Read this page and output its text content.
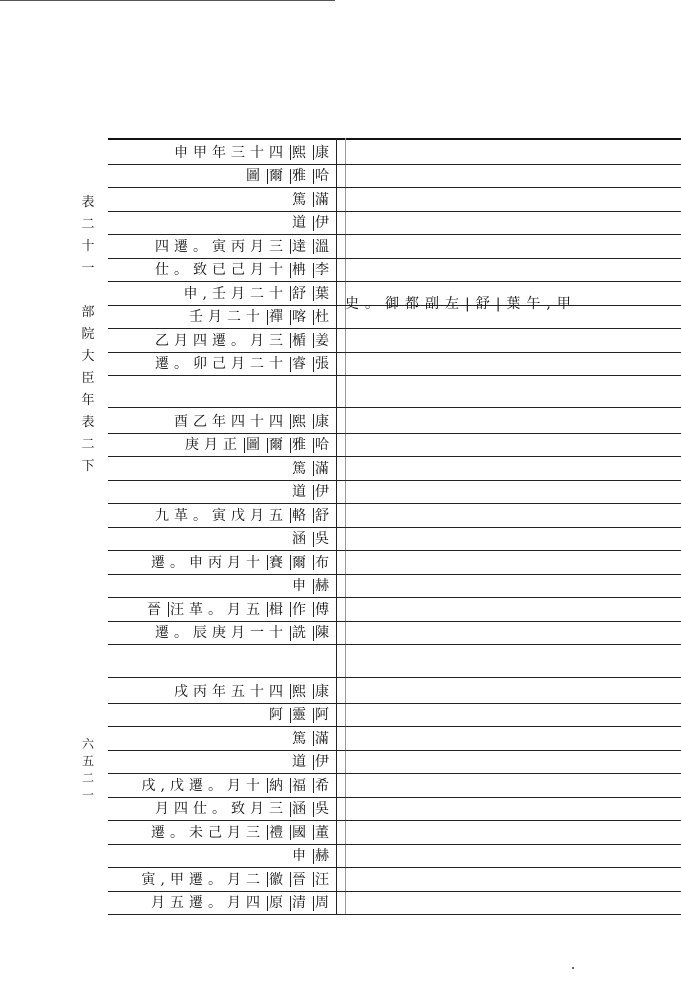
表
二
十
一
部
院
大
臣
年
表
二
下
六
五
二
一
申甲年三十四 熙 康
圖 爾 雅 哈
篤 滿
道 伊
四遷。寅丙月三 達 溫
仕。致已己月十 柟 李
申,壬月二十 舒 葉
壬月二十 禪 喀 杜
乙月四遷。月三 楯 姜
遷。卯己月二十 睿 張
酉乙年四十四 熙 康
庚月正 圖 爾 雅 哈
篤 滿
道 伊
九革。寅戊月五 輅 舒
涵 吳
遷。申丙月十 賽 爾 布
申 赫
晉 汪革。月五 楫 作 傅
遷。辰庚月一十 詵 陳
戌丙年五十四 熙 康
阿 靈 阿
篤 滿
道 伊
戌,戊遷。月十 納 福 希
月四仕。致月三 涵 吳
遷。未己月三 禮 國 董
申 赫
寅,甲遷。月二 徽 晉 汪
月五遷。月四 原 清 周
史。御都副左|舒|葉午,甲
